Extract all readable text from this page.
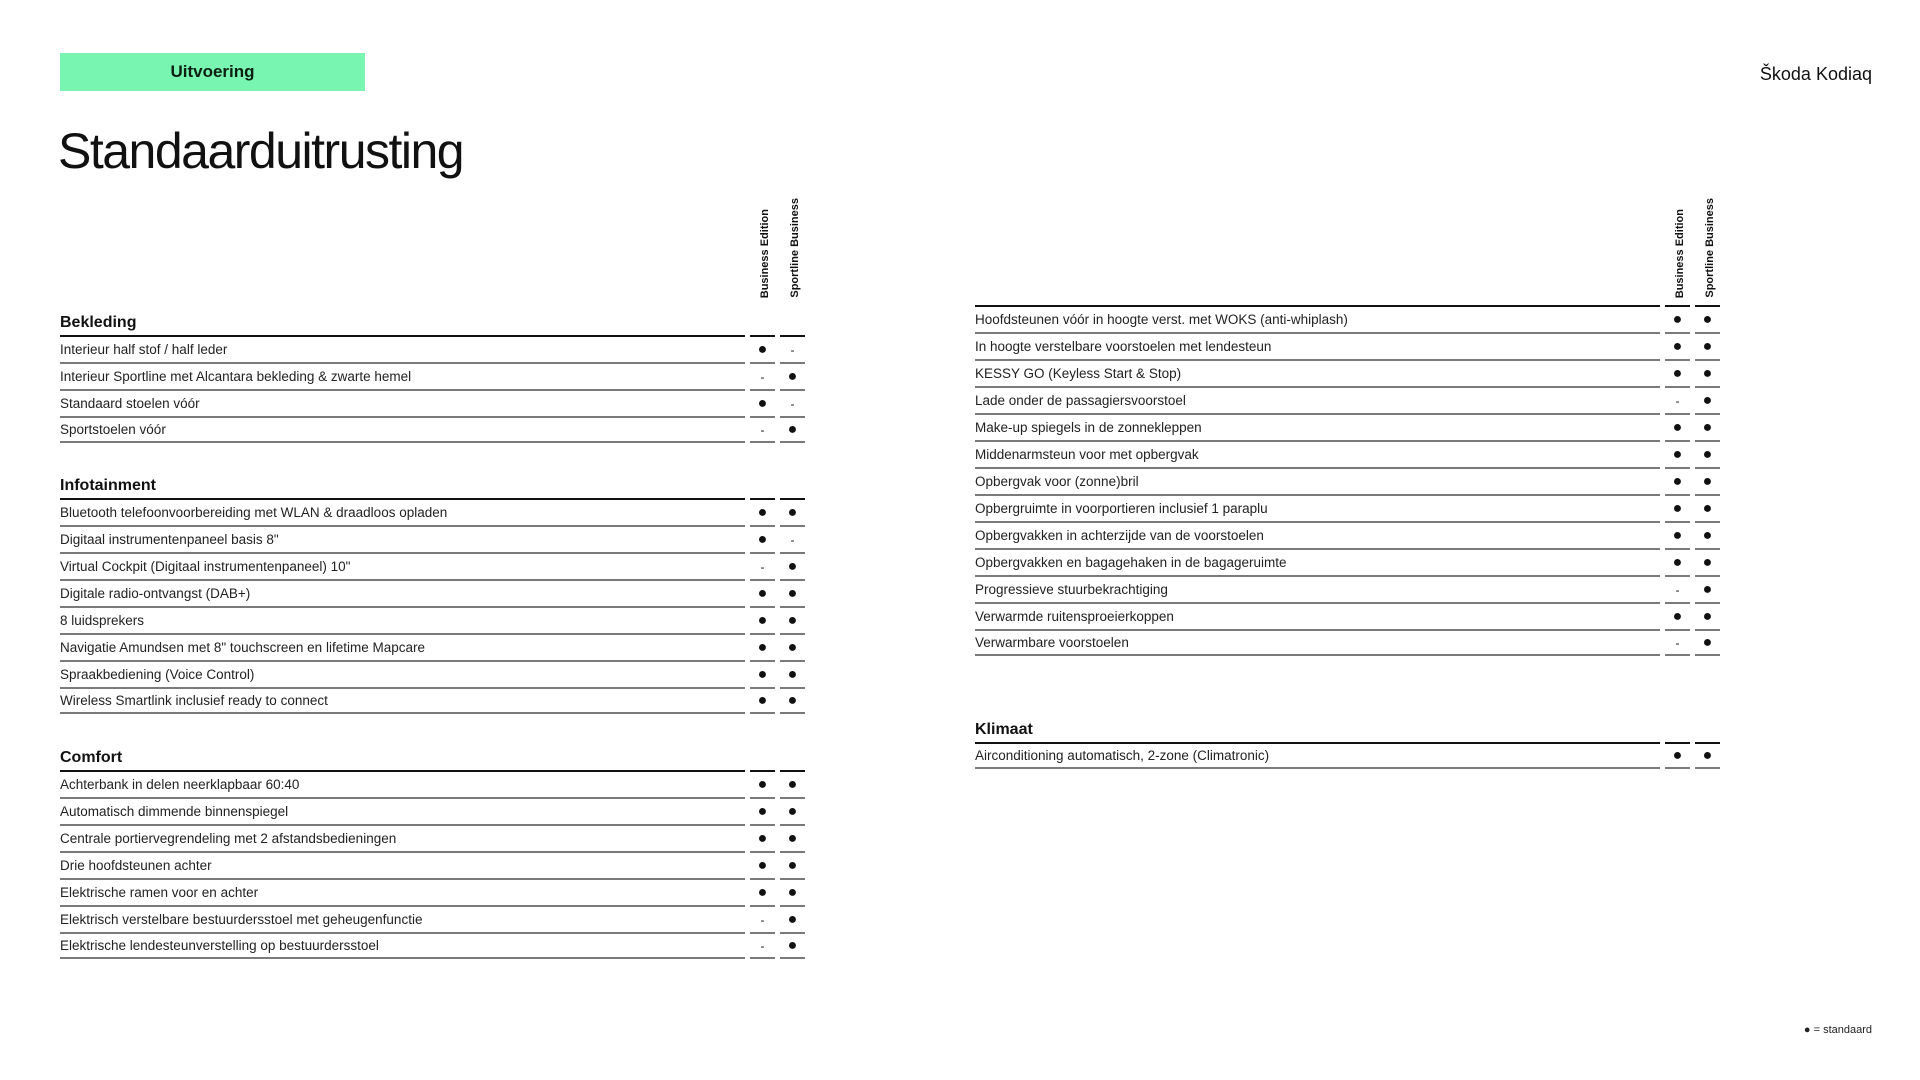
Uitvoering	Škoda Kodiaq
Standaarduitrusting
Business Edition Sportline Business	Business Edition Sportline Business
Bekleding
Interieur half stof / half leder	●	-
Interieur Sportline met Alcantara bekleding & zwarte hemel	-	●
Standaard stoelen vóór	●	-
Sportstoelen vóór	-	●
Infotainment
Bluetooth telefoonvoorbereiding met WLAN & draadloos opladen	●	●
Digitaal instrumentenpaneel basis 8"	●	-
Virtual Cockpit (Digitaal instrumentenpaneel) 10"	-	●
Digitale radio-ontvangst (DAB+)	●	●
8 luidsprekers	●	●
Navigatie Amundsen met 8" touchscreen en lifetime Mapcare	●	●
Spraakbediening (Voice Control)	●	●
Wireless Smartlink inclusief ready to connect	●	●
Comfort
Achterbank in delen neerklapbaar 60:40	●	●
Automatisch dimmende binnenspiegel	●	●
Centrale portiervegrendeling met 2 afstandsbedieningen	●	●
Drie hoofdsteunen achter	●	●
Elektrische ramen voor en achter	●	●
Elektrisch verstelbare bestuurdersstoel met geheugenfunctie	-	●
Elektrische lendesteunverstelling op bestuurdersstoel	-	●
Hoofdsteunen vóór in hoogte verst. met WOKS (anti-whiplash)	●	●
In hoogte verstelbare voorstoelen met lendesteun	●	●
KESSY GO (Keyless Start & Stop)	●	●
Lade onder de passagiersvoorstoel	-	●
Make-up spiegels in de zonnekleppen	●	●
Middenarmsteun voor met opbergvak	●	●
Opbergvak voor (zonne)bril	●	●
Opbergruimte in voorportieren inclusief 1 paraplu	●	●
Opbergvakken in achterzijde van de voorstoelen	●	●
Opbergvakken en bagagehaken in de bagageruimte	●	●
Progressieve stuurbekrachtiging	-	●
Verwarmde ruitensproeierkoppen	●	●
Verwarmbare voorstoelen	-	●
Klimaat
Airconditioning automatisch, 2-zone (Climatronic)	●	●
● = standaard
